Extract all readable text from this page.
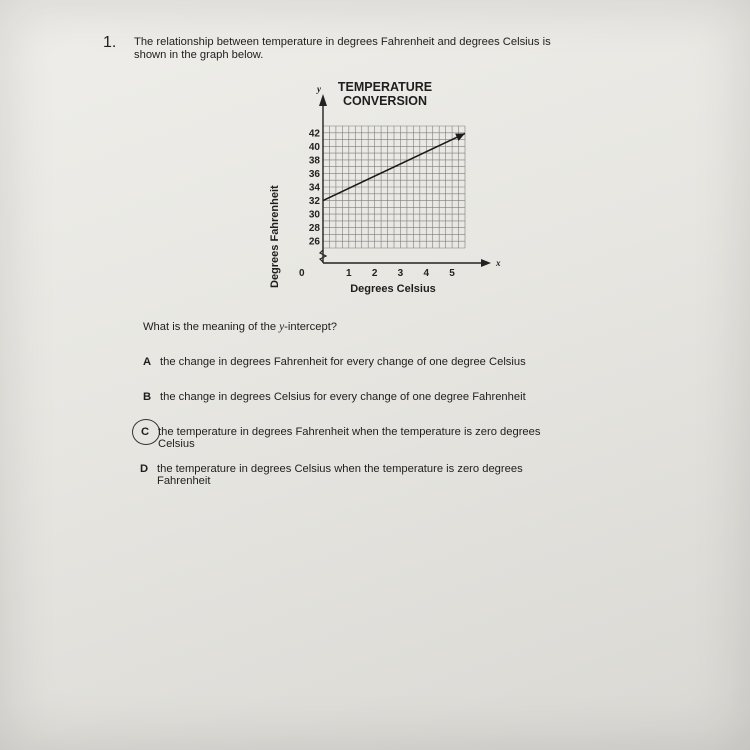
1. The relationship between temperature in degrees Fahrenheit and degrees Celsius is
shown in the graph below.
TEMPERATURE
CONVERSION
Degrees Fahrenheit
Degrees Celsius
y
x
0	1 2 3 4 5
26
28
30
32
34
36
38
40
42
What is the meaning of the y-intercept?
A the change in degrees Fahrenheit for every change of one degree Celsius
B the change in degrees Celsius for every change of one degree Fahrenheit
C the temperature in degrees Fahrenheit when the temperature is zero degrees Celsius
D the temperature in degrees Celsius when the temperature is zero degrees Fahrenheit
